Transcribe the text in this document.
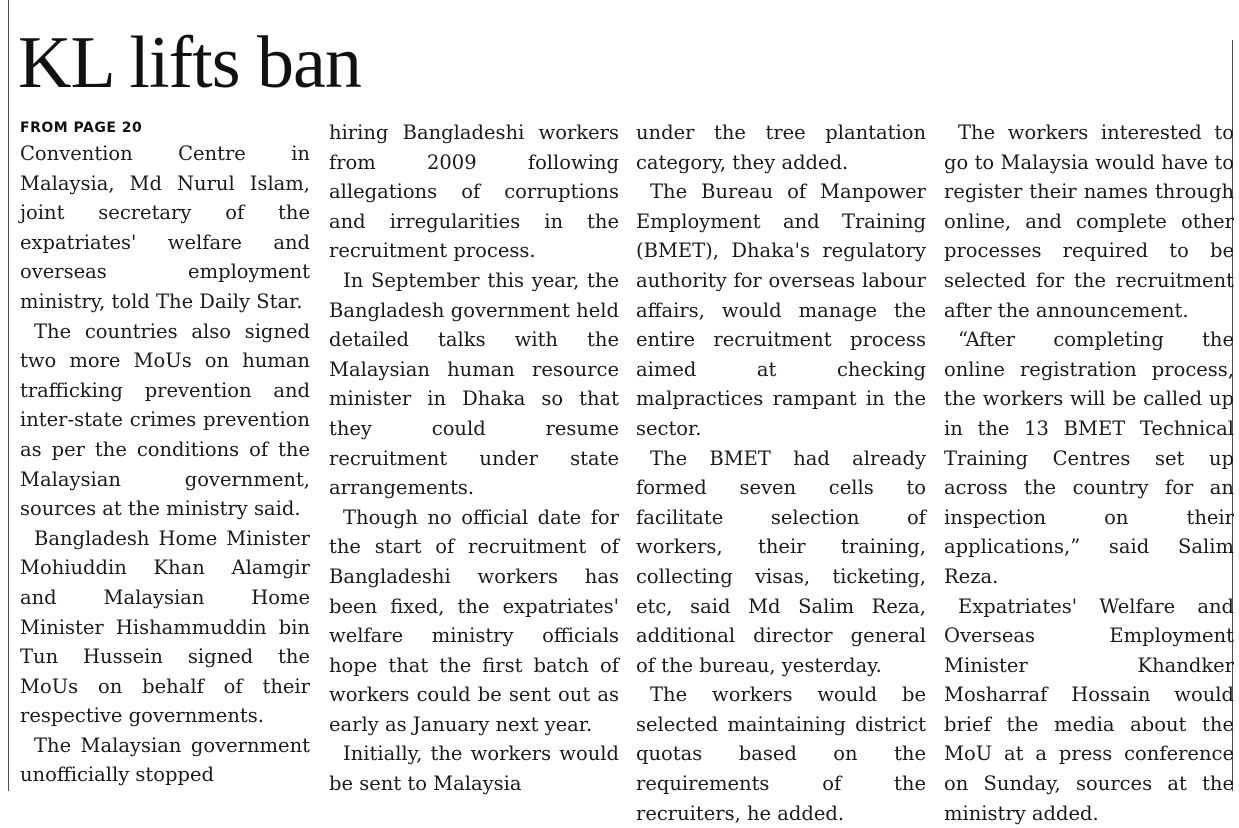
KL lifts ban
FROM PAGE 20

Convention Centre in Malaysia, Md Nurul Islam, joint secretary of the expatriates' welfare and overseas employment ministry, told The Daily Star.

The countries also signed two more MoUs on human trafficking prevention and inter-state crimes prevention as per the conditions of the Malaysian government, sources at the ministry said.

Bangladesh Home Minister Mohiuddin Khan Alamgir and Malaysian Home Minister Hishammuddin bin Tun Hussein signed the MoUs on behalf of their respective governments.

The Malaysian government unofficially stopped

hiring Bangladeshi workers from 2009 following allegations of corruptions and irregularities in the recruitment process.

In September this year, the Bangladesh government held detailed talks with the Malaysian human resource minister in Dhaka so that they could resume recruitment under state arrangements.

Though no official date for the start of recruitment of Bangladeshi workers has been fixed, the expatriates' welfare ministry officials hope that the first batch of workers could be sent out as early as January next year.

Initially, the workers would be sent to Malaysia

under the tree plantation category, they added.

The Bureau of Manpower Employment and Training (BMET), Dhaka's regulatory authority for overseas labour affairs, would manage the entire recruitment process aimed at checking malpractices rampant in the sector.

The BMET had already formed seven cells to facilitate selection of workers, their training, collecting visas, ticketing, etc, said Md Salim Reza, additional director general of the bureau, yesterday.

The workers would be selected maintaining district quotas based on the requirements of the recruiters, he added.

The workers interested to go to Malaysia would have to register their names through online, and complete other processes required to be selected for the recruitment after the announcement.

“After completing the online registration process, the workers will be called up in the 13 BMET Technical Training Centres set up across the country for an inspection on their applications,” said Salim Reza.

Expatriates' Welfare and Overseas Employment Minister Khandker Mosharraf Hossain would brief the media about the MoU at a press conference on Sunday, sources at the ministry added.
